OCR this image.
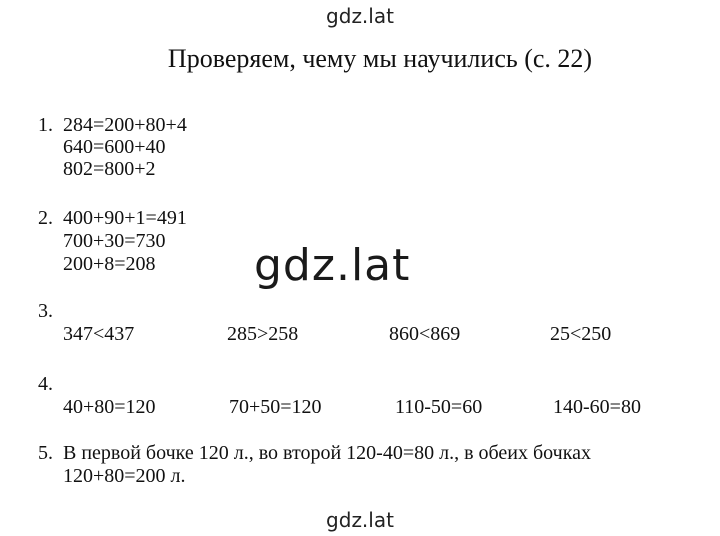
gdz.lat
gdz.lat
gdz.lat
Проверяем, чему мы научились (с. 22)
1. 284=200+80+4
640=600+40
802=800+2
2. 400+90+1=491
700+30=730
200+8=208
3.
347<437	285>258	860<869	25<250
4.
40+80=120	70+50=120	110-50=60	140-60=80
5. В первой бочке 120 л., во второй 120-40=80 л., в обеих бочках
120+80=200 л.
